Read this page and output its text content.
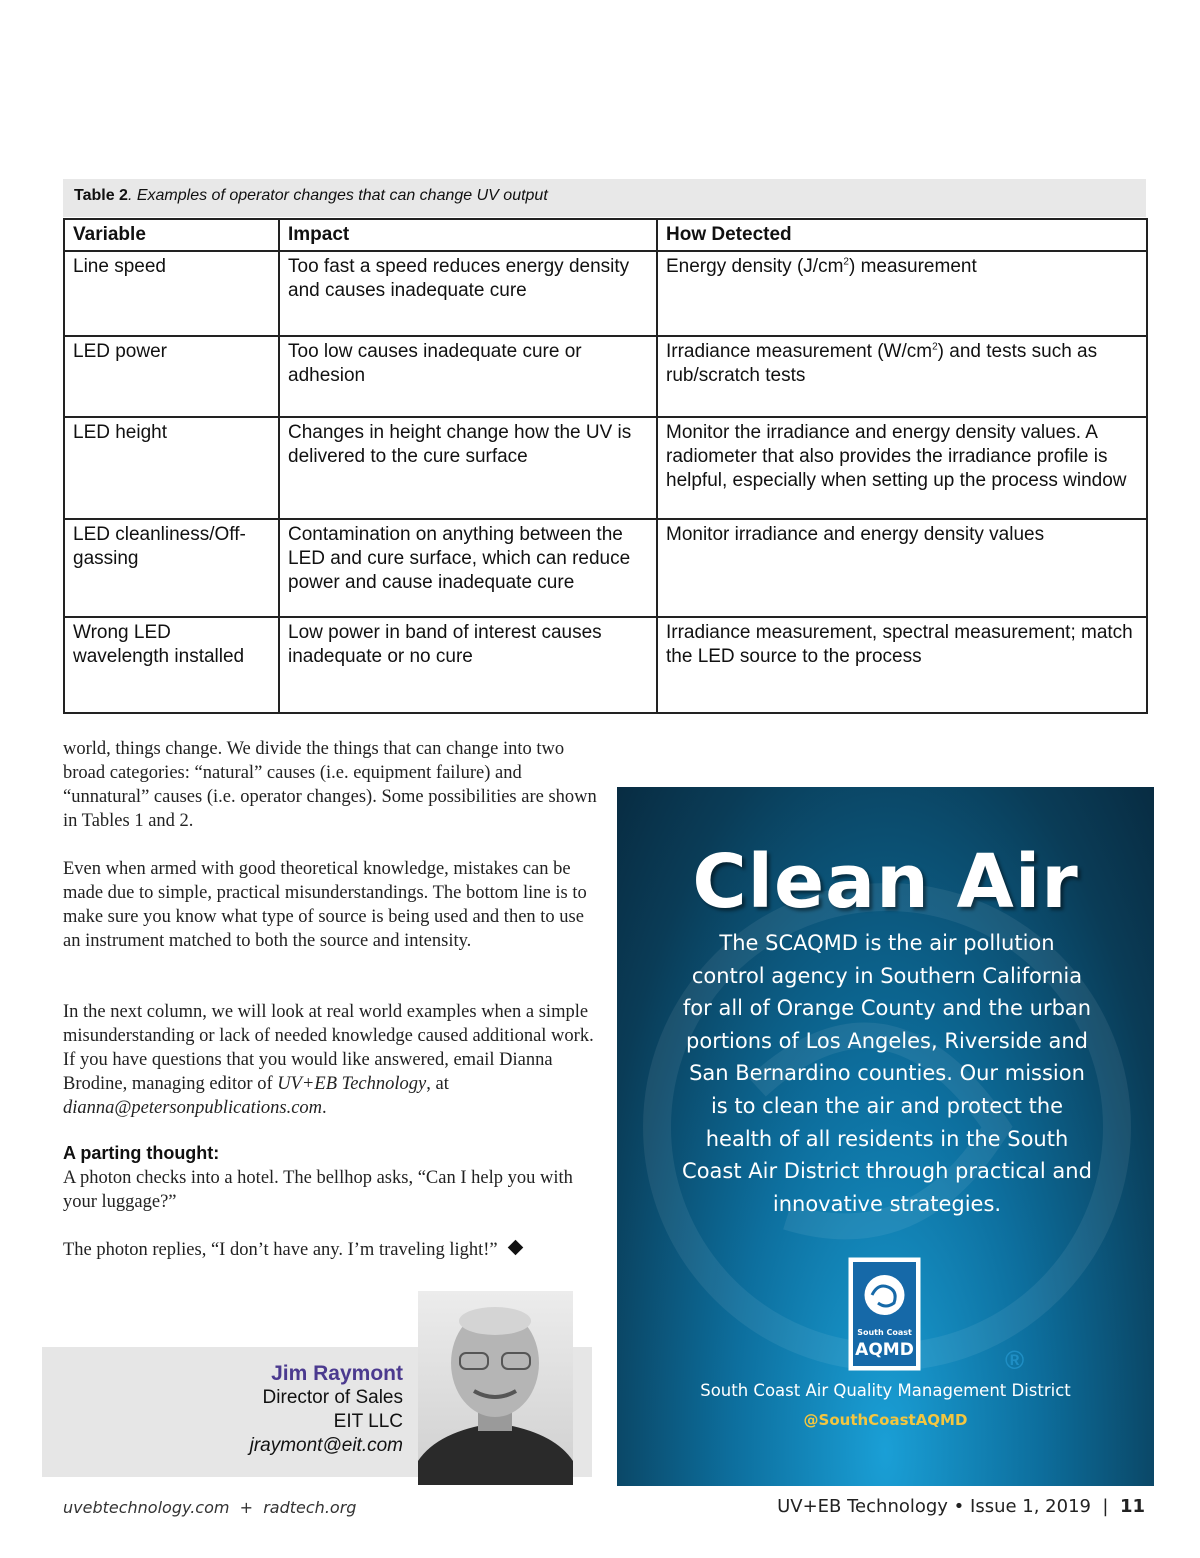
Table 2. Examples of operator changes that can change UV output
Variable	Impact	How Detected
Line speed	Too fast a speed reduces energy density and causes inadequate cure	Energy density $(J/cm^2)$ measurement
LED power	Too low causes inadequate cure or adhesion	Irradiance measurement $(W/cm^2)$ and tests such as rub/scratch tests
LED height	Changes in height change how the UV is delivered to the cure surface	Monitor the irradiance and energy density values. A radiometer that also provides the irradiance profile is helpful, especially when setting up the process window
LED cleanliness/Off-gassing	Contamination on anything between the LED and cure surface, which can reduce power and cause inadequate cure	Monitor irradiance and energy density values
Wrong LED wavelength installed	Low power in band of interest causes inadequate or no cure	Irradiance measurement, spectral measurement; match the LED source to the process

world, things change. We divide the things that can change into two broad categories: “natural” causes (i.e. equipment failure) and “unnatural” causes (i.e. operator changes). Some possibilities are shown in Tables 1 and 2.

Even when armed with good theoretical knowledge, mistakes can be made due to simple, practical misunderstandings. The bottom line is to make sure you know what type of source is being used and then to use an instrument matched to both the source and intensity.

In the next column, we will look at real world examples when a simple misunderstanding or lack of needed knowledge caused additional work. If you have questions that you would like answered, email Dianna Brodine, managing editor of UV+EB Technology, at dianna@petersonpublications.com.

A parting thought:

A photon checks into a hotel. The bellhop asks, “Can I help you with your luggage?”

The photon replies, “I don’t have any. I’m traveling light!”

Jim Raymont
Director of Sales
EIT LLC
jraymont@eit.com
Clean Air
The SCAQMD is the air pollution control agency in Southern California for all of Orange County and the urban portions of Los Angeles, Riverside and San Bernardino counties. Our mission is to clean the air and protect the health of all residents in the South Coast Air District through practical and innovative strategies.
South Coast
AQMD	®
South Coast Air Quality Management District
@SouthCoastAQMD
uvebtechnology.com  +  radtech.org	UV+EB Technology • Issue 1, 2019  |  11
